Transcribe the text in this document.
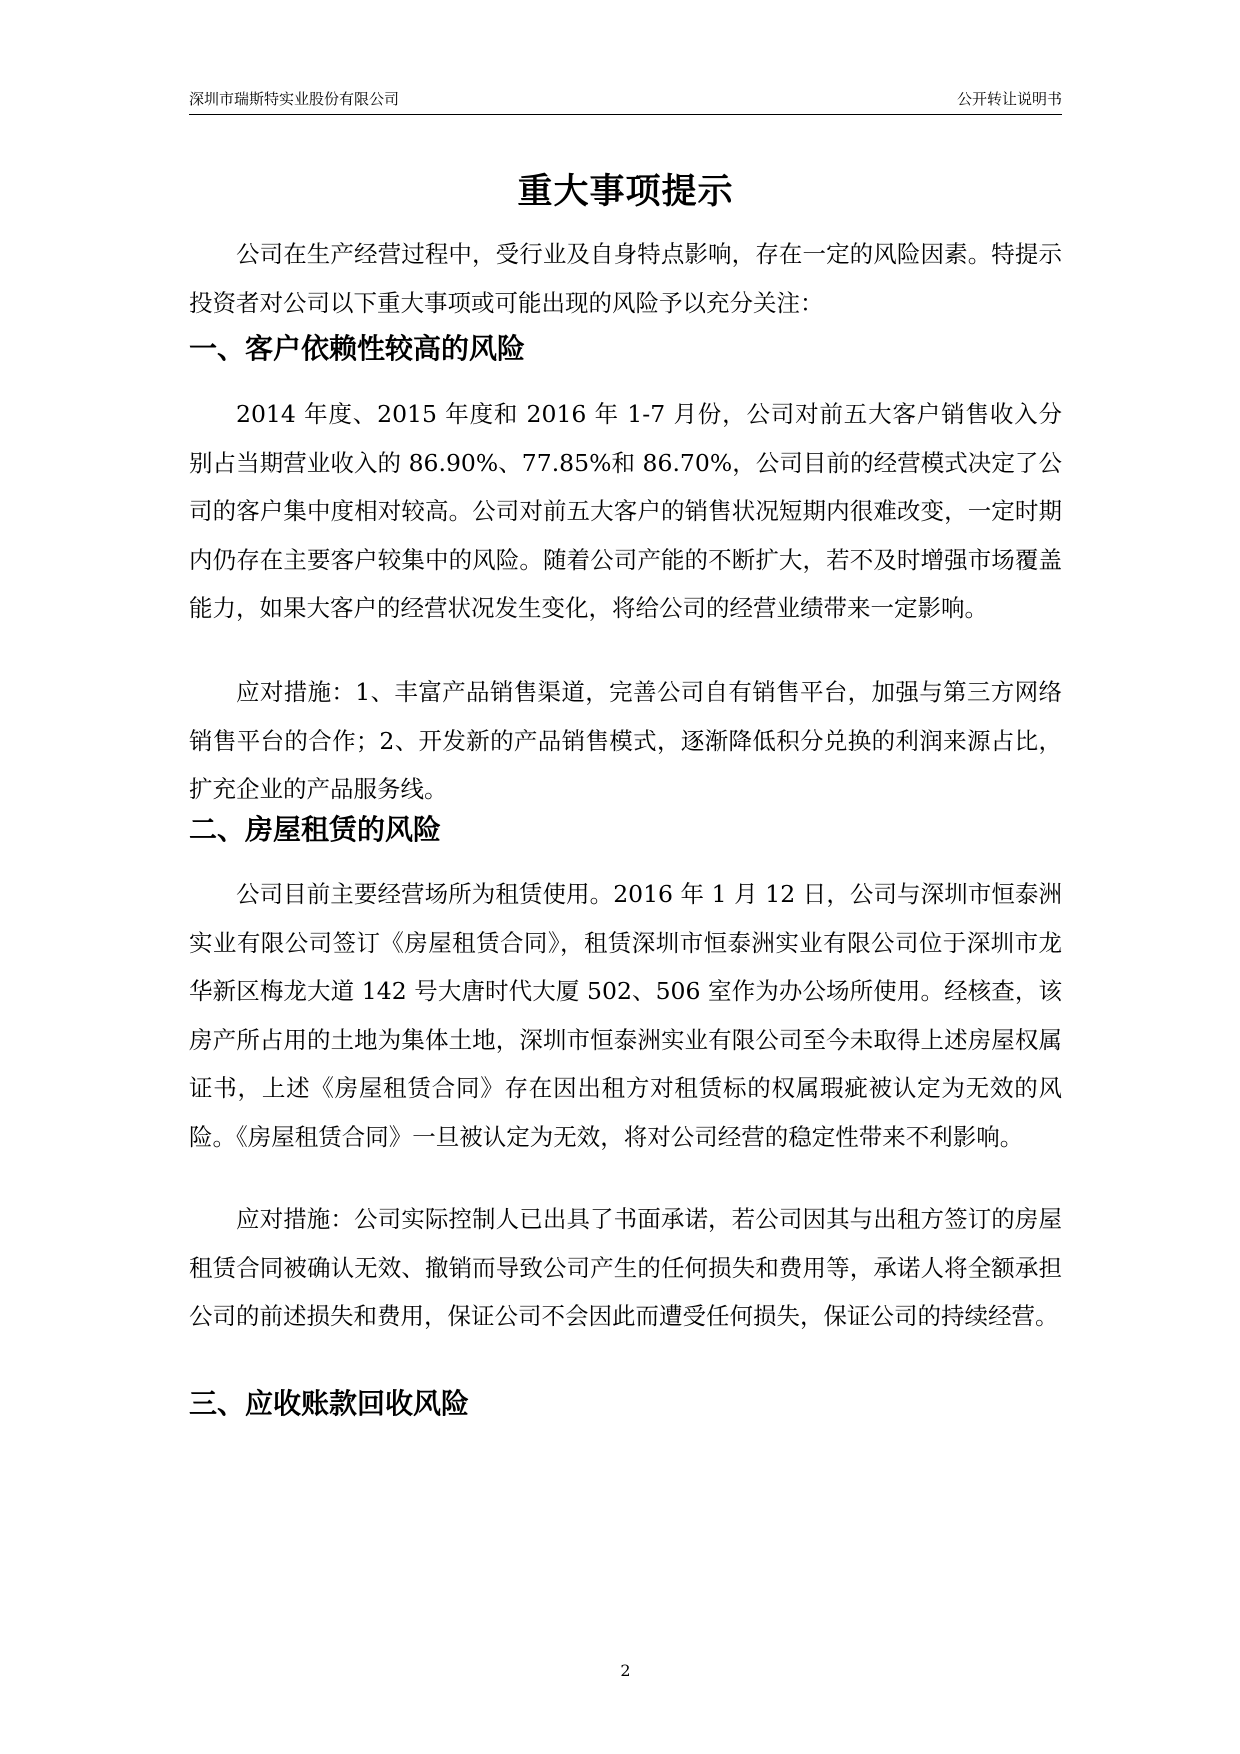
深圳市瑞斯特实业股份有限公司	公开转让说明书
重大事项提示

公司在生产经营过程中，受行业及自身特点影响，存在一定的风险因素。特提示投资者对公司以下重大事项或可能出现的风险予以充分关注：

一、客户依赖性较高的风险

2014 年度、2015 年度和 2016 年 1-7 月份，公司对前五大客户销售收入分别占当期营业收入的 86.90%、77.85%和 86.70%，公司目前的经营模式决定了公司的客户集中度相对较高。公司对前五大客户的销售状况短期内很难改变，一定时期内仍存在主要客户较集中的风险。随着公司产能的不断扩大，若不及时增强市场覆盖能力，如果大客户的经营状况发生变化，将给公司的经营业绩带来一定影响。

应对措施：1、丰富产品销售渠道，完善公司自有销售平台，加强与第三方网络销售平台的合作；2、开发新的产品销售模式，逐渐降低积分兑换的利润来源占比，扩充企业的产品服务线。

二、房屋租赁的风险

公司目前主要经营场所为租赁使用。2016 年 1 月 12 日，公司与深圳市恒泰洲实业有限公司签订《房屋租赁合同》，租赁深圳市恒泰洲实业有限公司位于深圳市龙华新区梅龙大道 142 号大唐时代大厦 502、506 室作为办公场所使用。经核查，该房产所占用的土地为集体土地，深圳市恒泰洲实业有限公司至今未取得上述房屋权属证书，上述《房屋租赁合同》存在因出租方对租赁标的权属瑕疵被认定为无效的风险。《房屋租赁合同》一旦被认定为无效，将对公司经营的稳定性带来不利影响。

应对措施：公司实际控制人已出具了书面承诺，若公司因其与出租方签订的房屋租赁合同被确认无效、撤销而导致公司产生的任何损失和费用等，承诺人将全额承担公司的前述损失和费用，保证公司不会因此而遭受任何损失，保证公司的持续经营。

三、应收账款回收风险
2
